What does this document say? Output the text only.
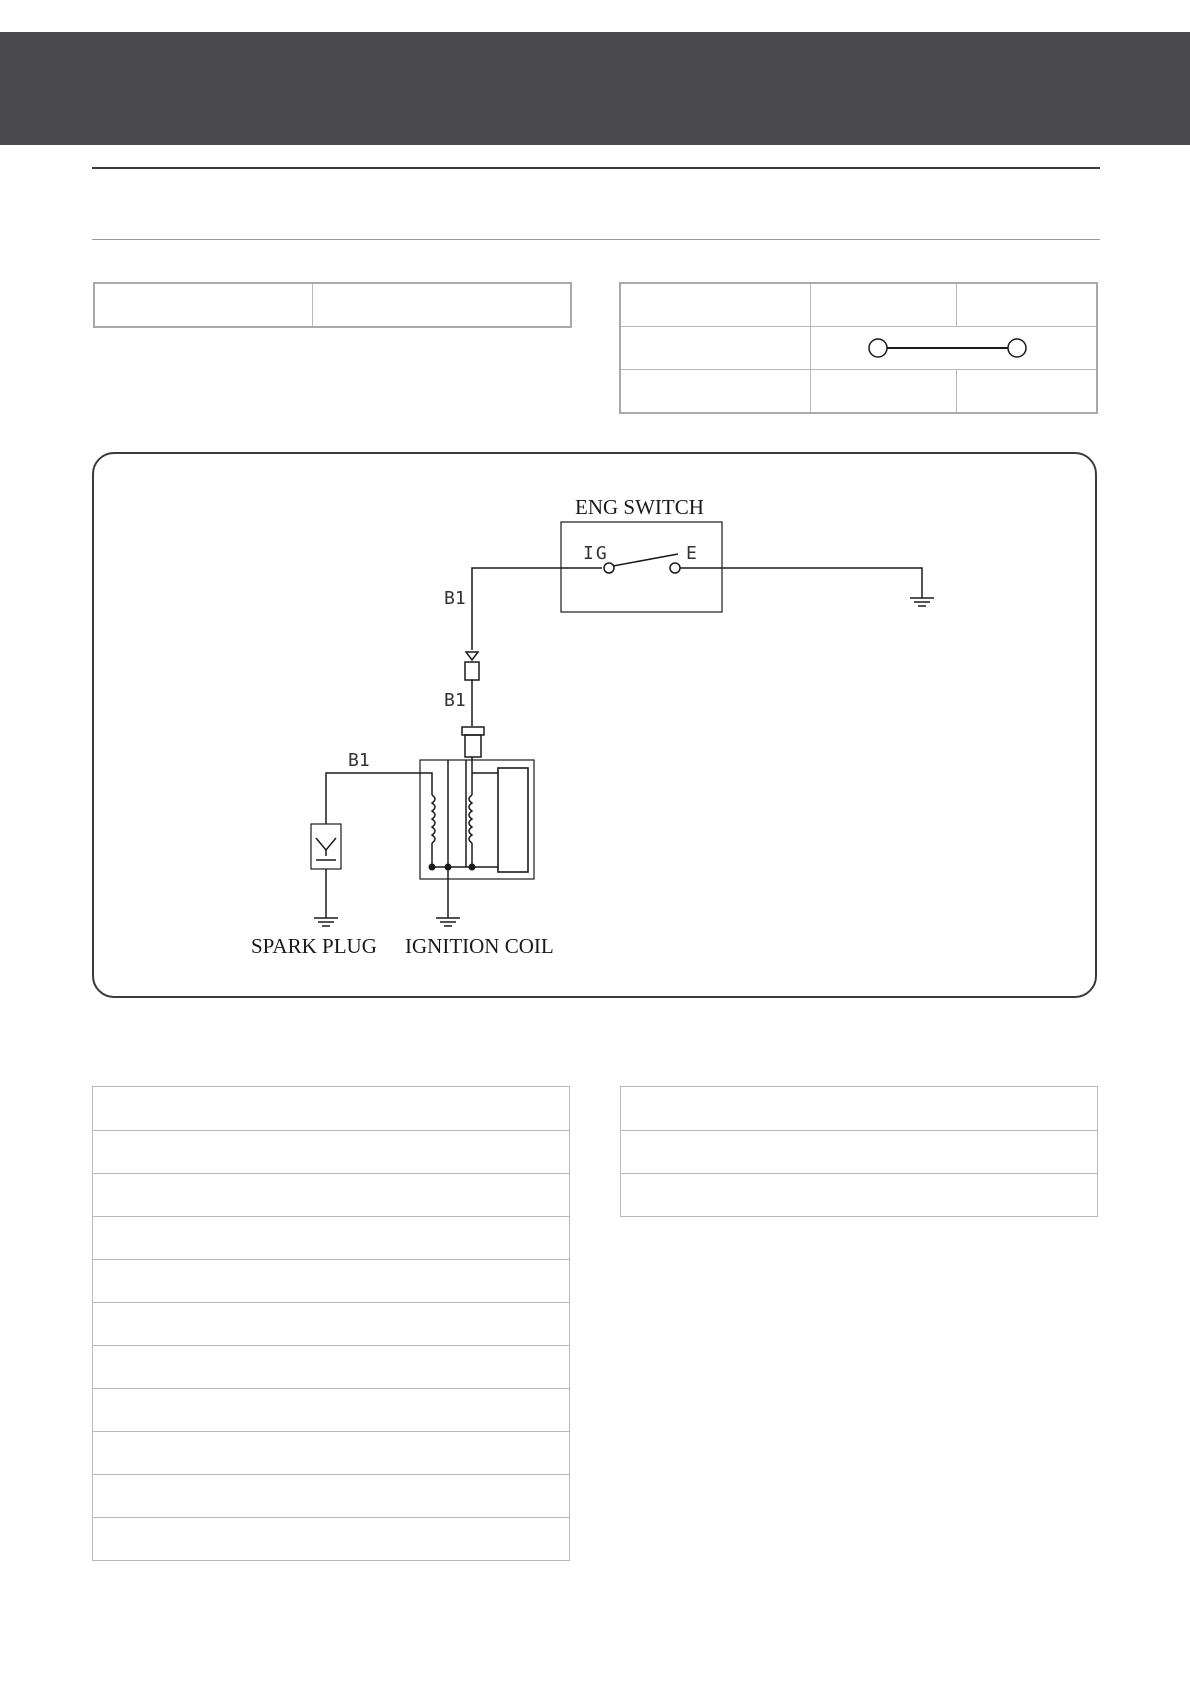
ENG SWITCH
IG	E
B1
B1
B1
SPARK PLUG IGNITION COIL
